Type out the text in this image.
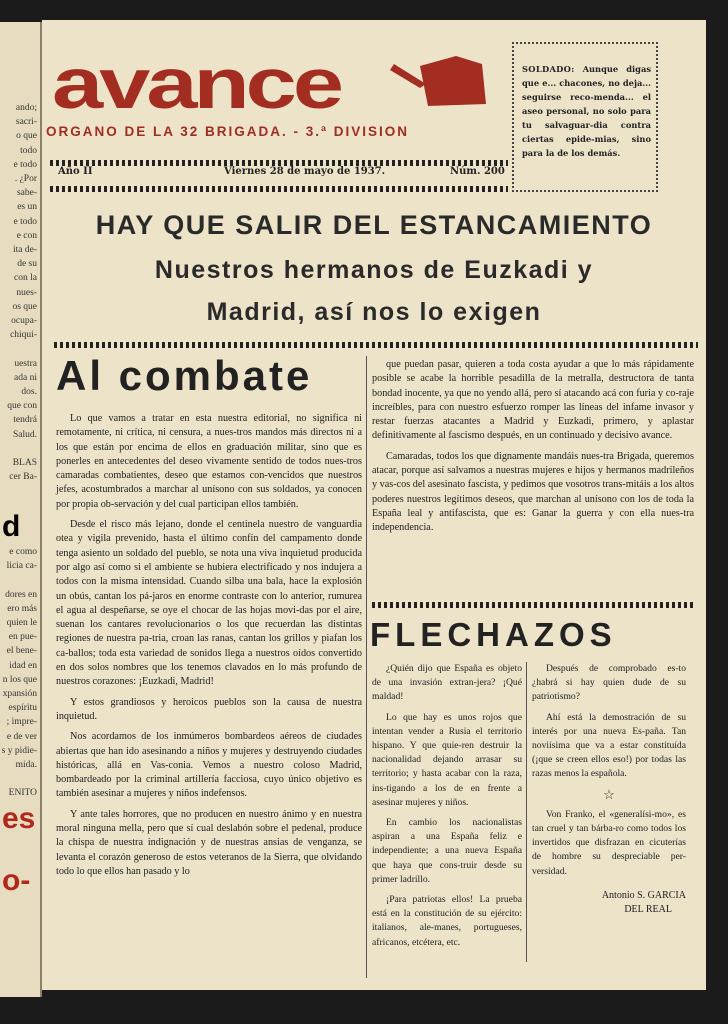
ando;
sacri-
o que
todo
e todo
. ¿Por
sabe-
es un
e todo
e con
ita de-
de su
con la
nues-
os que
ocupa-
chiqui-
uestra
ada ni
dos.
que con
tendrá
Salud.
BLAS
cer Ba-
e como
licia ca-
dores en
ero más
quien le
en pue-
el bene-
idad en
n los que
xpansión
espíritu
; impre-
e de ver
s y pidie-
mida.
ENITO
d
es
o-
avance
ORGANO DE LA 32 BRIGADA. - 3.ª DIVISION
SOLDADO: Aunque digas que e... chacones, no deja... seguirse reco-menda... el aseo personal, no solo para tu salvaguar-dia contra ciertas epide-mias, sino para la de los demás.
Año II	Viernes 28 de mayo de 1937.	Núm. 200
HAY QUE SALIR DEL ESTANCAMIENTO
Nuestros hermanos de Euzkadi y
Madrid, así nos lo exigen
Al combate

Lo que vamos a tratar en esta nuestra editorial, no significa ni remotamente, ni crítica, ni censura, a nues-tros mandos más directos ni a los que están por encima de ellos en graduación militar, sino que es ponerles en antecedentes del deseo vivamente sentido de todos nues-tros camaradas combatientes, deseo que estamos con-vencidos que nuestros jefes, acostumbrados a marchar al unísono con sus soldados, ya conocen por propia ob-servación y del cual participan ellos también.

Desde el risco más lejano, donde el centinela nuestro de vanguardia otea y vigila prevenido, hasta el último confín del campamento donde tenga asiento un soldado del pueblo, se nota una viva inquietud producida por algo así como si el ambiente se hubiera electrificado y nos indujera a todos con la misma intensidad. Cuando silba una bala, hace la explosión un obús, cantan los pá-jaros en enorme contraste con lo anterior, rumurea el agua al despeñarse, se oye el chocar de las hojas movi-das por el aire, suenan los cantares revolucionarios o los que recuerdan las distintas regiones de nuestra pa-tria, croan las ranas, cantan los grillos y piafan los ca-ballos; toda esta variedad de sonidos llega a nuestros oídos convertido en dos solos nombres que los tenemos clavados en lo más profundo de nuestros corazones: ¡Euzkadi, Madrid!

Y estos grandiosos y heroicos pueblos son la causa de nuestra inquietud.

Nos acordamos de los inmúmeros bombardeos aéreos de ciudades abiertas que han ido asesinando a niños y mujeres y destruyendo ciudades históricas, allá en Vas-conia. Vemos a nuestro coloso Madrid, bombardeado por la criminal artillería facciosa, cuyo único objetivo es también asesinar a mujeres y niños indefensos.

Y ante tales horrores, que no producen en nuestro ánimo y en nuestra moral ninguna mella, pero que sí cual deslabón sobre el pedenal, produce la chispa de nuestra indignación y de nuestras ansias de venganza, se levanta el corazón generoso de estos veteranos de la Sierra, que olvidando todo lo que ellos han pasado y lo

que puedan pasar, quieren a toda costa ayudar a que lo más rápidamente posible se acabe la horrible pesadilla de la metralla, destructora de tanta bondad inocente, ya que no yendo allá, pero sí atacando acá con furia y co-raje increíbles, para con nuestro esfuerzo romper las líneas del infame invasor y restar fuerzas atacantes a Madrid y Euzkadi, primero, y aplastar definitivamente al fascismo después, en un continuado y decisivo avance.

Camaradas, todos los que dignamente mandáis nues-tra Brigada, queremos atacar, porque así salvamos a nuestras mujeres e hijos y hermanos madrileños y vas-cos del asesinato fascista, y pedimos que vosotros trans-mitáis a los altos poderes nuestros legítimos deseos, que marchan al unísono con los de toda la España leal y antifascista, que es: Ganar la guerra y con ella nues-tra independencia.

FLECHAZOS

¿Quién dijo que España es objeto de una invasión extran-jera? ¡Qué maldad!

Lo que hay es unos rojos que intentan vender a Rusia el territorio hispano. Y que quie-ren destruir la nacionalidad dejando arrasar su territorio; y hasta acabar con la raza, ins-tigando a los de en frente a asesinar mujeres y niños.

En cambio los nacionalistas aspiran a una España feliz e independiente; a una nueva España que haya que cons-truir desde su primer ladrillo.

¡Para patriotas ellos! La prueba está en la constitución de su ejército: italianos, ale-manes, portugueses, africanos, etcétera, etc.

Después de comprobado es-to ¿habrá si hay quien dude de su patriotismo?

Ahí está la demostración de su interés por una nueva Es-paña. Tan noviísima que va a estar constituída (¡que se creen ellos eso!) por todas las razas menos la española.

☆

Von Franko, el «generalísi-mo», es tan cruel y tan bárba-ro como todos los invertidos que disfrazan en cicuterías de hombre su despreciable per-versidad.

Antonio S. GARCIA
DEL REAL
